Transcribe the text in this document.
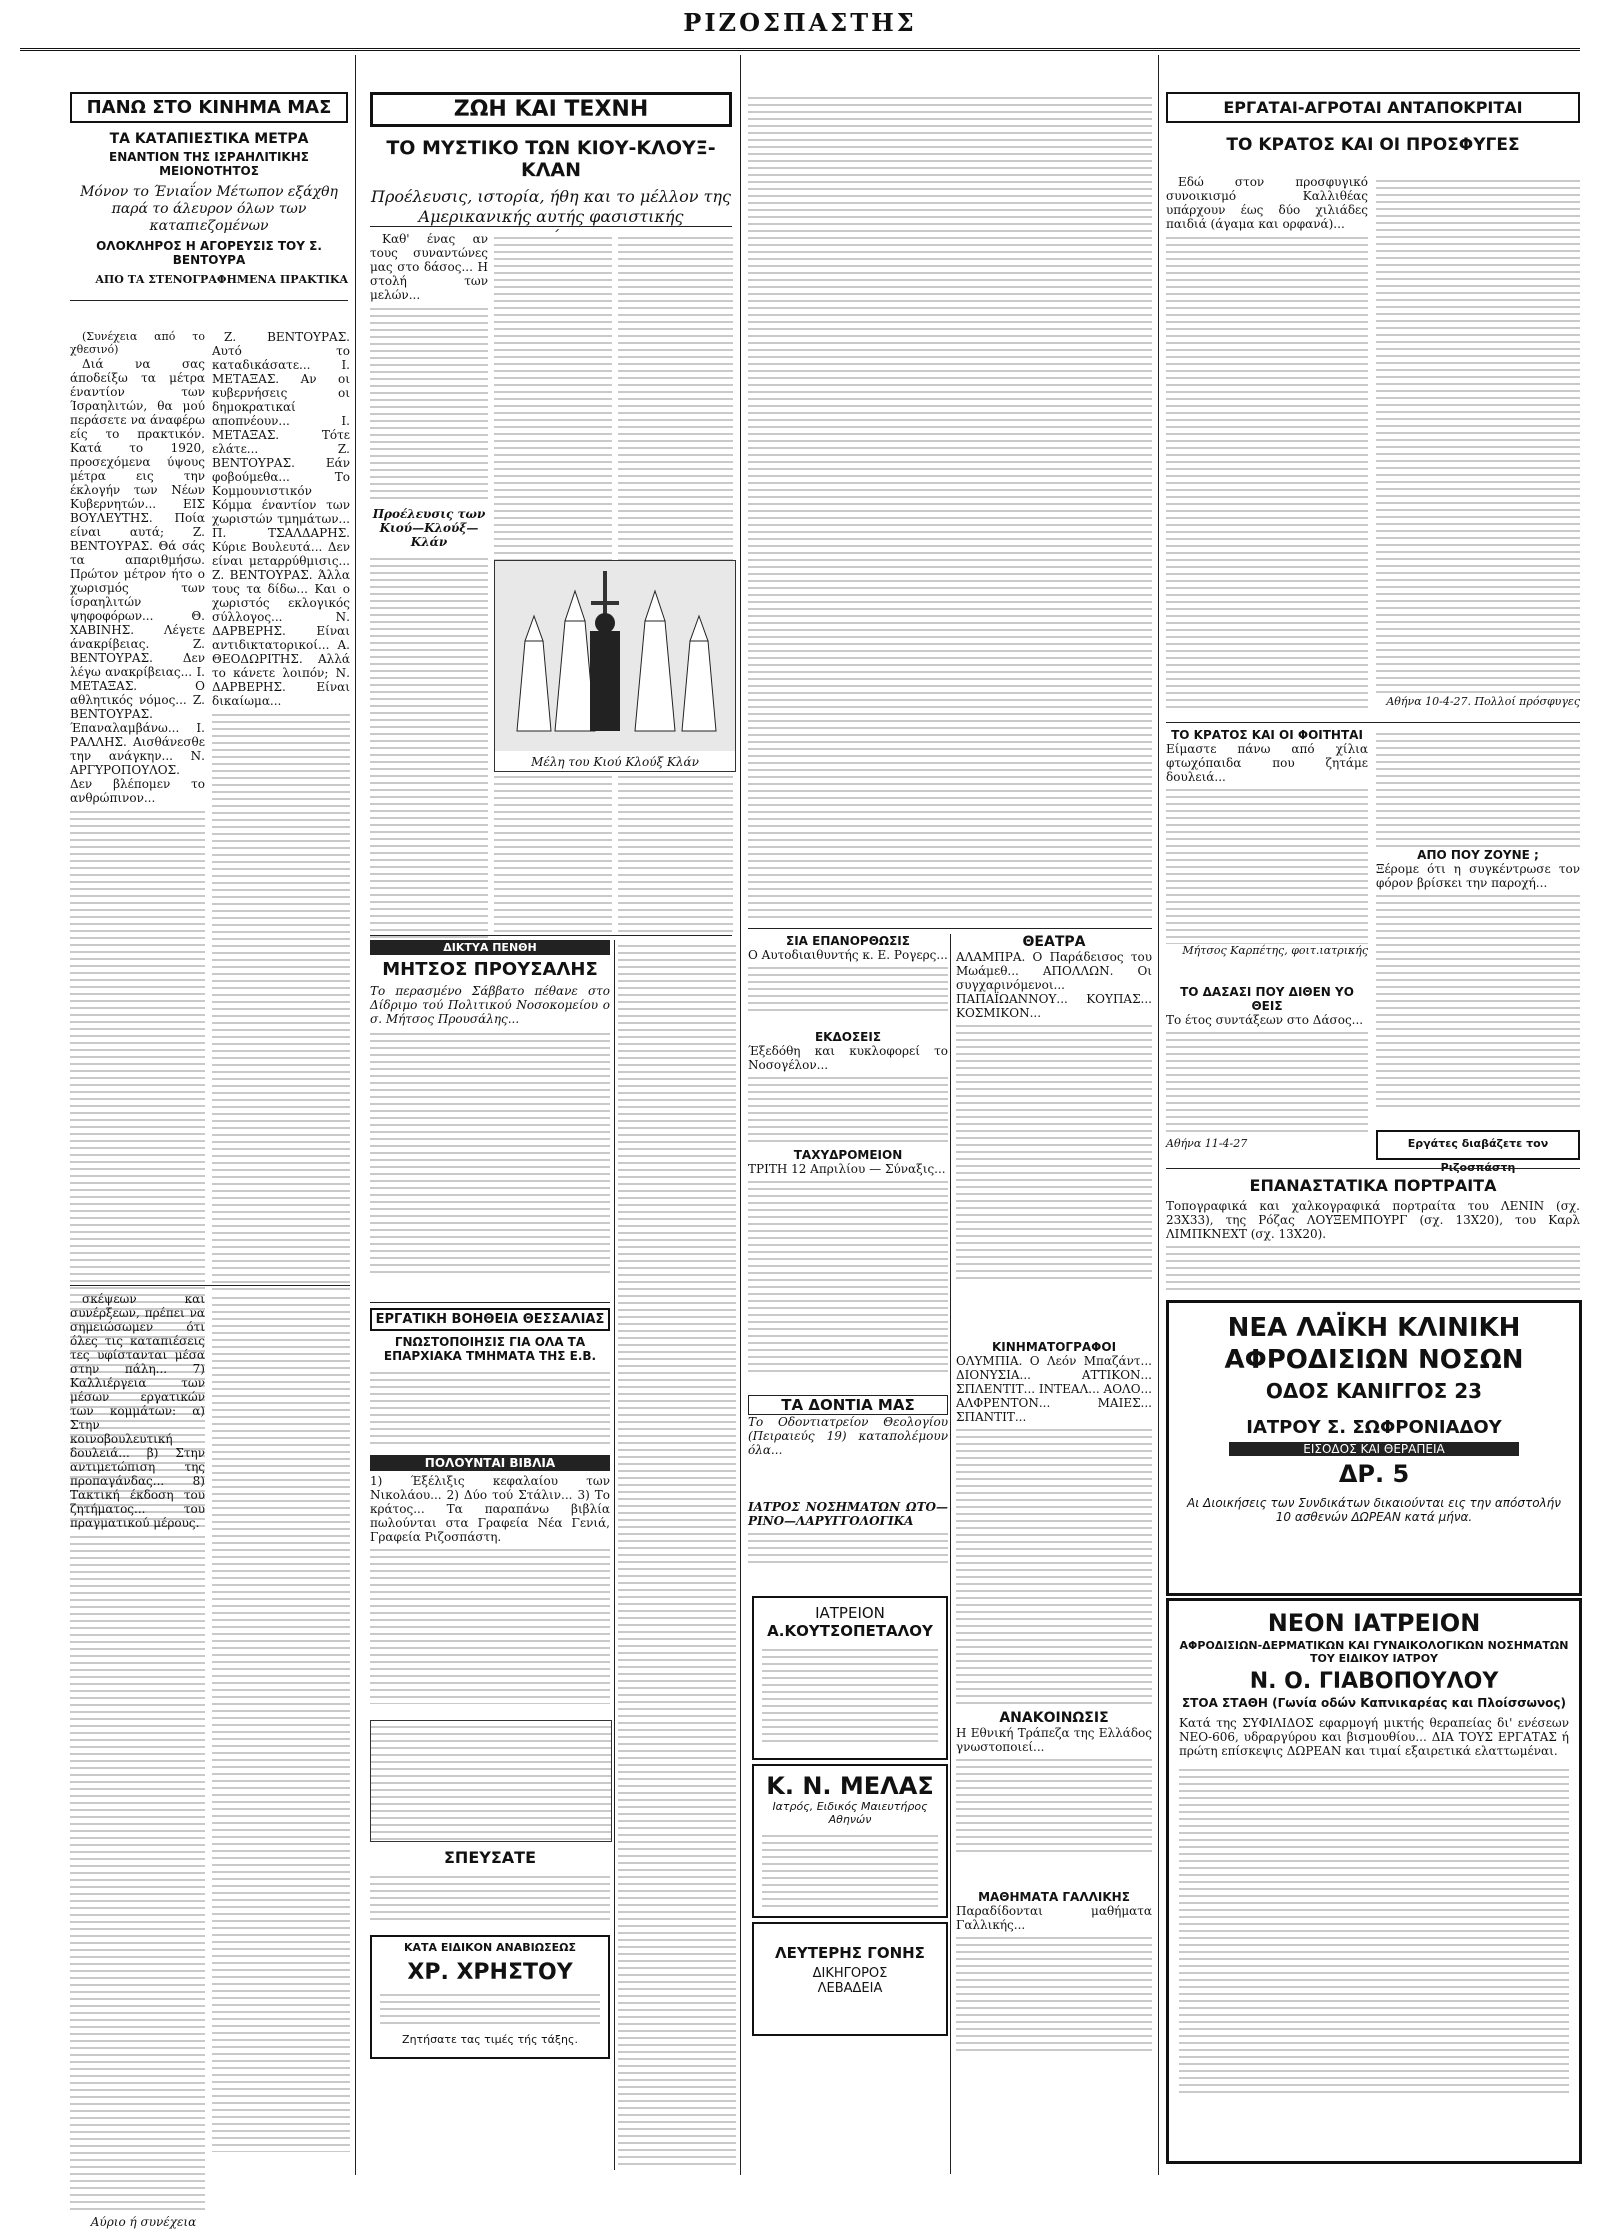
ΡΙΖΟΣΠΑΣΤΗΣ
ΠΑΝΩ ΣΤΟ ΚΙΝΗΜΑ ΜΑΣ
ΤΑ ΚΑΤΑΠΙΕΣΤΙΚΑ ΜΕΤΡΑ
ΕΝΑΝΤΙΟΝ ΤΗΣ ΙΣΡΑΗΛΙΤΙΚΗΣ ΜΕΙΟΝΟΤΗΤΟΣ
Μόνον το Ένιαΐον Μέτωπον εξάχθη παρά το άλευρον όλων των καταπιεζομένων
ΟΛΟΚΛΗΡΟΣ Η ΑΓΟΡΕΥΣΙΣ ΤΟΥ Σ. ΒΕΝΤΟΥΡΑ
ΑΠΟ ΤΑ ΣΤΕΝΟΓΡΑΦΗΜΕΝΑ ΠΡΑΚΤΙΚΑ

(Συνέχεια από το χθεσινό)

Διά να σας άποδείξω τα μέτρα έναντίον των Ίσραηλιτών, θα μού περάσετε να άναφέρω είς το πρακτικόν. Κατά το 1920, προσεχόμενα ύψους μέτρα εις την έκλογήν των Νέων Κυβερνητών... ΕΙΣ ΒΟΥΛΕΥΤΗΣ. Ποία είναι αυτά; Ζ. ΒΕΝΤΟΥΡΑΣ. Θά σάς τα απαριθμήσω. Πρώτον μέτρον ήτο ο χωρισμός των ίσραηλιτών ψηφοφόρων... Θ. ΧΑΒΙΝΗΣ. Λέγετε άνακρίβειας. Ζ. ΒΕΝΤΟΥΡΑΣ. Δεν λέγω ανακρίβειας... Ι. ΜΕΤΑΞΑΣ. Ο αθλητικός νόμος... Ζ. ΒΕΝΤΟΥΡΑΣ. Έπαναλαμβάνω... Ι. ΡΑΛΛΗΣ. Αισθάνεσθε την ανάγκην... Ν. ΑΡΓΥΡΟΠΟΥΛΟΣ. Δεν βλέπομεν το ανθρώπινον...

Ζ. ΒΕΝΤΟΥΡΑΣ. Αυτό το καταδικάσατε... Ι. ΜΕΤΑΞΑΣ. Αν οι κυβερνήσεις οι δημοκρατικαί αποπνέουν... Ι. ΜΕΤΑΞΑΣ. Τότε ελάτε... Ζ. ΒΕΝΤΟΥΡΑΣ. Εάν φοβούμεθα... Το Κομμουνιστικόν Κόμμα έναντίον των χωριστών τμημάτων... Π. ΤΣΑΛΔΑΡΗΣ. Κύριε Βουλευτά... Δεν είναι μεταρρύθμισις... Ζ. ΒΕΝΤΟΥΡΑΣ. Άλλα τους τα δίδω... Και ο χωριστός εκλογικός σύλλογος... Ν. ΔΑΡΒΕΡΗΣ. Είναι αντιδικτατορικοί... Α. ΘΕΟΔΩΡΙΤΗΣ. Αλλά το κάνετε λοιπόν; Ν. ΔΑΡΒΕΡΗΣ. Είναι δικαίωμα...

σκέψεων και συνέρξεων, πρέπει να σημειώσωμεν ότι όλες τις καταπιέσεις τες υφίστανται μέσα στην πάλη... 7) Καλλιέργεια των μέσων εργατικών των κομμάτων: α) Στην κοινοβουλευτική δουλειά... β) Στην αντιμετώπιση της προπαγάνδας... 8) Τακτική έκδοση του ζητήματος... του πραγματικού μέρους.

Αύριο ή συνέχεια

ΖΩΗ ΚΑΙ ΤΕΧΝΗ
ΤΟ ΜΥΣΤΙΚΟ ΤΩΝ ΚΙΟΥ-ΚΛΟΥΞ-ΚΛΑΝ
Προέλευσις, ιστορία, ήθη και το μέλλον της Αμερικανικής αυτής φασιστικής

Καθ' ένας αν τους συναντώνες μας στο δάσος... Η στολή των μελών...

Προέλευσις των Κιού—Κλούξ—Κλάν
Μέλη του Κιού Κλούξ Κλάν
ΔΙΚΤΥΑ ΠΕΝΘΗ
ΜΗΤΣΟΣ ΠΡΟΥΣΑΛΗΣ
Το περασμένο Σάββατο πέθανε στο Δίδριμο τού Πολιτικού Νοσοκομείου ο σ. Μήτσος Προυσάλης...
ΕΡΓΑΤΙΚΗ ΒΟΗΘΕΙΑ ΘΕΣΣΑΛΙΑΣ
ΓΝΩΣΤΟΠΟΙΗΣΙΣ ΓΙΑ ΟΛΑ ΤΑ ΕΠΑΡΧΙΑΚΑ ΤΜΗΜΑΤΑ ΤΗΣ Ε.Β.
ΠΟΛΟΥΝΤΑΙ ΒΙΒΛΙΑ
1) Έξέλιξις κεφαλαίου των Νικολάου... 2) Δύο τού Στάλιν... 3) Το κράτος... Τα παραπάνω βιβλία πωλούνται στα Γραφεία Νέα Γενιά, Γραφεία Ριζοσπάστη.
ΣΠΕΥΣΑΤΕ
ΚΑΤΑ ΕΙΔΙΚΟΝ ΑΝΑΒΙΩΣΕΩΣ
ΧΡ. ΧΡΗΣΤΟΥ
Ζητήσατε τας τιμές τής τάξης.
ΣΙΑ ΕΠΑΝΟΡΘΩΣΙΣ
Ο Αυτοδιαιθυντής κ. Ε. Ρογερς...
ΕΚΔΟΣΕΙΣ
Έξεδόθη και κυκλοφορεί το Νοσογέλον...
ΤΑΧΥΔΡΟΜΕΙΟΝ
ΤΡΙΤΗ 12 Απριλίου — Σύναξις...
ΤΑ ΔΟΝΤΙΑ ΜΑΣ
Το Οδοντιατρείον Θεολογίου (Πειραιεύς 19) καταπολέμουν όλα...
ΙΑΤΡΟΣ ΝΟΣΗΜΑΤΩΝ ΩΤΟ—ΡΙΝΟ—ΛΑΡΥΓΓΟΛΟΓΙΚΑ
ΙΑΤΡΕΙΟΝ
Α.ΚΟΥΤΣΟΠΕΤΑΛΟΥ
Κ. Ν. ΜΕΛΑΣ
Ιατρός, Ειδικός Μαιευτήρος Αθηνών
ΛΕΥΤΕΡΗΣ ΓΟΝΗΣ
ΔΙΚΗΓΟΡΟΣ
ΛΕΒΑΔΕΙΑ
ΘΕΑΤΡΑ
ΑΛΑΜΠΡΑ. Ο Παράδεισος του Μωάμεθ... ΑΠΟΛΛΩΝ. Οι συγχαρινόμενοι... ΠΑΠΑΪΩΑΝΝΟΥ... ΚΟΥΠΑΣ... ΚΟΣΜΙΚΟΝ...
ΚΙΝΗΜΑΤΟΓΡΑΦΟΙ
ΟΛΥΜΠΙΑ. Ο Λεόν Μπαζάντ... ΔΙΟΝΥΣΙΑ... ΑΤΤΙΚΟΝ... ΣΠΛΕΝΤΙΤ... ΙΝΤΕΑΛ... ΑΟΛΟ... ΑΛΦΡΕΝΤΟΝ... ΜΑΙΕΣ... ΣΠΑΝΤΙΤ...
ΑΝΑΚΟΙΝΩΣΙΣ
Η Εθνική Τράπεζα της Ελλάδος γνωστοποιεί...
ΜΑΘΗΜΑΤΑ ΓΑΛΛΙΚΗΣ
Παραδίδονται μαθήματα Γαλλικής...
ΕΡΓΑΤΑΙ-ΑΓΡΟΤΑΙ ΑΝΤΑΠΟΚΡΙΤΑΙ
ΤΟ ΚΡΑΤΟΣ ΚΑΙ ΟΙ ΠΡΟΣΦΥΓΕΣ

Εδώ στον προσφυγικό συνοικισμό Καλλιθέας υπάρχουν έως δύο χιλιάδες παιδιά (άγαμα και ορφανά)...

Αθήνα 10-4-27. Πολλοί πρόσφυγες
ΤΟ ΚΡΑΤΟΣ ΚΑΙ ΟΙ ΦΟΙΤΗΤΑΙ
Είμαστε πάνω από χίλια φτωχόπαιδα που ζητάμε δουλειά...
Μήτσος Καρπέτης, φοιτ.ιατρικής
ΤΟ ΔΑΣΑΣΙ ΠΟΥ ΔΙΘΕΝ ΥΟ ΘΕΙΣ
Το έτος συντάξεων στο Δάσος...
Αθήνα 11-4-27
ΑΠΟ ΠΟΥ ΖΟΥΝΕ ;
Ξέρομε ότι η συγκέντρωσε τον φόρον βρίσκει την παροχή...
Εργάτες διαβάζετε τον Ριζοσπάστη
ΕΠΑΝΑΣΤΑΤΙΚΑ ΠΟΡΤΡΑΙΤΑ
Τοπογραφικά και χαλκογραφικά πορτραίτα του ΛΕΝΙΝ (σχ. 23Χ33), της Ρόζας ΛΟΥΞΕΜΠΟΥΡΓ (σχ. 13Χ20), του Καρλ ΛΙΜΠΚΝΕΧΤ (σχ. 13Χ20).
ΝΕΑ ΛΑΪΚΗ ΚΛΙΝΙΚΗ
ΑΦΡΟΔΙΣΙΩΝ ΝΟΣΩΝ
ΟΔΟΣ ΚΑΝΙΓΓΟΣ 23
ΙΑΤΡΟΥ Σ. ΣΩΦΡΟΝΙΑΔΟΥ
ΕΙΣΟΔΟΣ ΚΑΙ ΘΕΡΑΠΕΙΑ
ΔΡ. 5
Αι Διοικήσεις των Συνδικάτων δικαιούνται εις την απόστολήν 10 ασθενών ΔΩΡΕΑΝ κατά μήνα.
ΝΕΟΝ ΙΑΤΡΕΙΟΝ
ΑΦΡΟΔΙΣΙΩΝ-ΔΕΡΜΑΤΙΚΩΝ ΚΑΙ ΓΥΝΑΙΚΟΛΟΓΙΚΩΝ ΝΟΣΗΜΑΤΩΝ ΤΟΥ ΕΙΔΙΚΟΥ ΙΑΤΡΟΥ
Ν. Ο. ΓΙΑΒΟΠΟΥΛΟΥ
ΣΤΟΑ ΣΤΑΘΗ (Γωνία οδών Καπνικαρέας και Πλοίσσωνος)
Κατά της ΣΥΦΙΛΙΔΟΣ εφαρμογή μικτής θεραπείας δι' ενέσεων ΝΕΟ-606, υδραργύρου και βισμουθίου... ΔΙΑ ΤΟΥΣ ΕΡΓΑΤΑΣ ή πρώτη επίσκεψις ΔΩΡΕΑΝ και τιμαί εξαιρετικά ελαττωμέναι.
